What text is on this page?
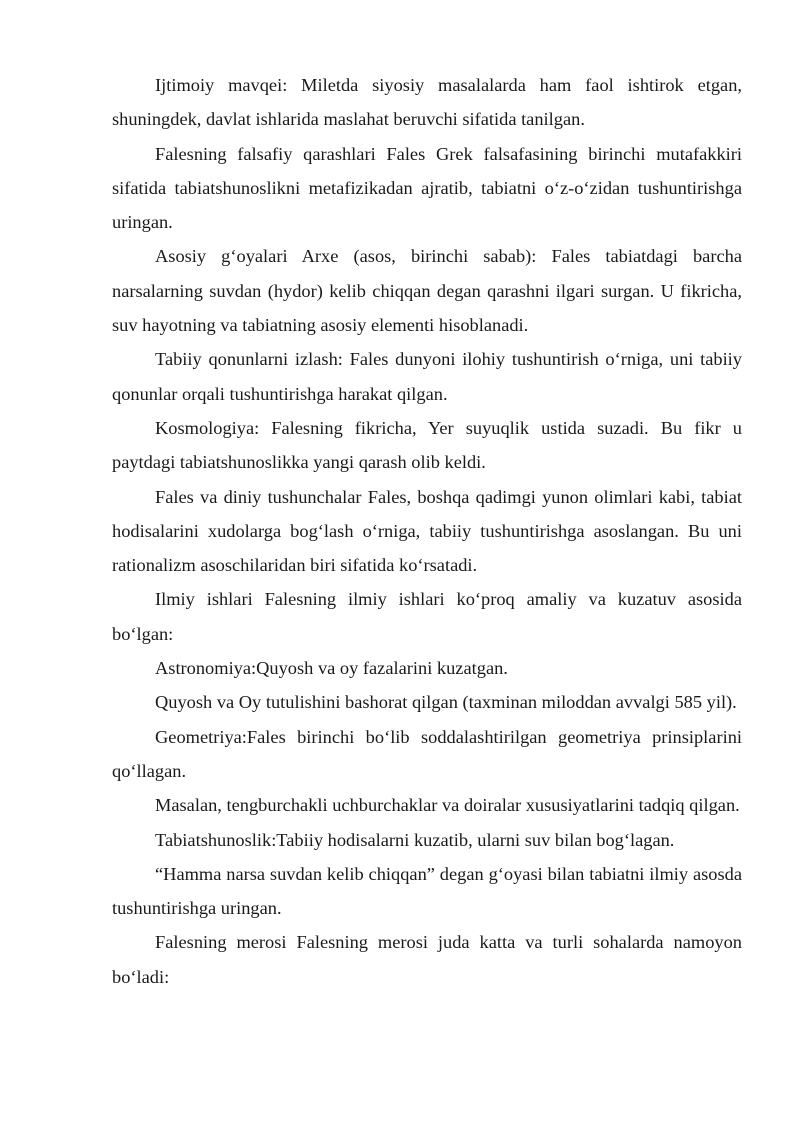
Ijtimoiy mavqei: Miletda siyosiy masalalarda ham faol ishtirok etgan, shuningdek, davlat ishlarida maslahat beruvchi sifatida tanilgan.

Falesning falsafiy qarashlari Fales Grek falsafasining birinchi mutafakkiri sifatida tabiatshunoslikni metafizikadan ajratib, tabiatni o‘z-o‘zidan tushuntirishga uringan.

Asosiy g‘oyalari Arxe (asos, birinchi sabab): Fales tabiatdagi barcha narsalarning suvdan (hydor) kelib chiqqan degan qarashni ilgari surgan. U fikricha, suv hayotning va tabiatning asosiy elementi hisoblanadi.

Tabiiy qonunlarni izlash: Fales dunyoni ilohiy tushuntirish o‘rniga, uni tabiiy qonunlar orqali tushuntirishga harakat qilgan.

Kosmologiya: Falesning fikricha, Yer suyuqlik ustida suzadi. Bu fikr u paytdagi tabiatshunoslikka yangi qarash olib keldi.

Fales va diniy tushunchalar Fales, boshqa qadimgi yunon olimlari kabi, tabiat hodisalarini xudolarga bog‘lash o‘rniga, tabiiy tushuntirishga asoslangan. Bu uni rationalizm asoschilaridan biri sifatida ko‘rsatadi.

Ilmiy ishlari Falesning ilmiy ishlari ko‘proq amaliy va kuzatuv asosida bo‘lgan:

Astronomiya:Quyosh va oy fazalarini kuzatgan.

Quyosh va Oy tutulishini bashorat qilgan (taxminan miloddan avvalgi 585 yil).

Geometriya:Fales birinchi bo‘lib soddalashtirilgan geometriya prinsiplarini qo‘llagan.

Masalan, tengburchakli uchburchaklar va doiralar xususiyatlarini tadqiq qilgan.

Tabiatshunoslik:Tabiiy hodisalarni kuzatib, ularni suv bilan bog‘lagan.

“Hamma narsa suvdan kelib chiqqan” degan g‘oyasi bilan tabiatni ilmiy asosda tushuntirishga uringan.

Falesning merosi Falesning merosi juda katta va turli sohalarda namoyon bo‘ladi:
